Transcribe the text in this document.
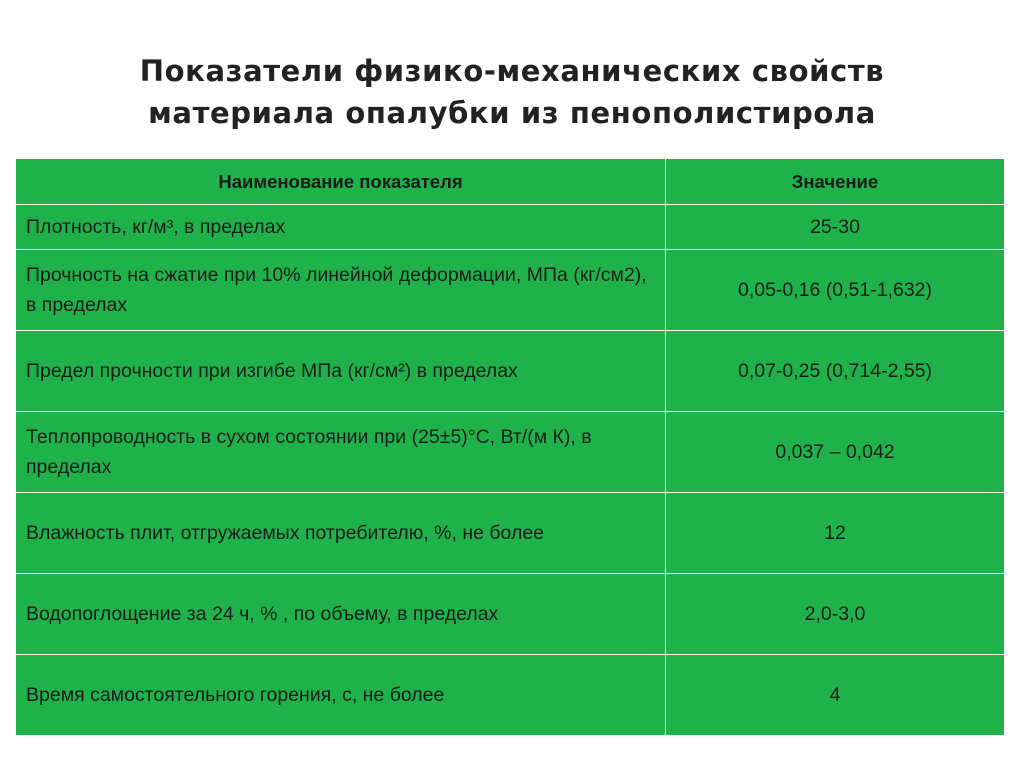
Показатели физико-механических свойств
материала опалубки из пенополистирола
Наименование показателя	Значение
Плотность, кг/м³, в пределах	25-30
Прочность на сжатие при 10% линейной деформации, МПа (кг/см2), в пределах	0,05-0,16 (0,51-1,632)
Предел прочности при изгибе МПа (кг/см²) в пределах	0,07-0,25 (0,714-2,55)
Теплопроводность в сухом состоянии при (25±5)°С, Вт/(м К), в пределах	0,037 – 0,042
Влажность плит, отгружаемых потребителю, %, не более	12
Водопоглощение за 24 ч, % , по объему, в пределах	2,0-3,0
Время самостоятельного горения, с, не более	4
